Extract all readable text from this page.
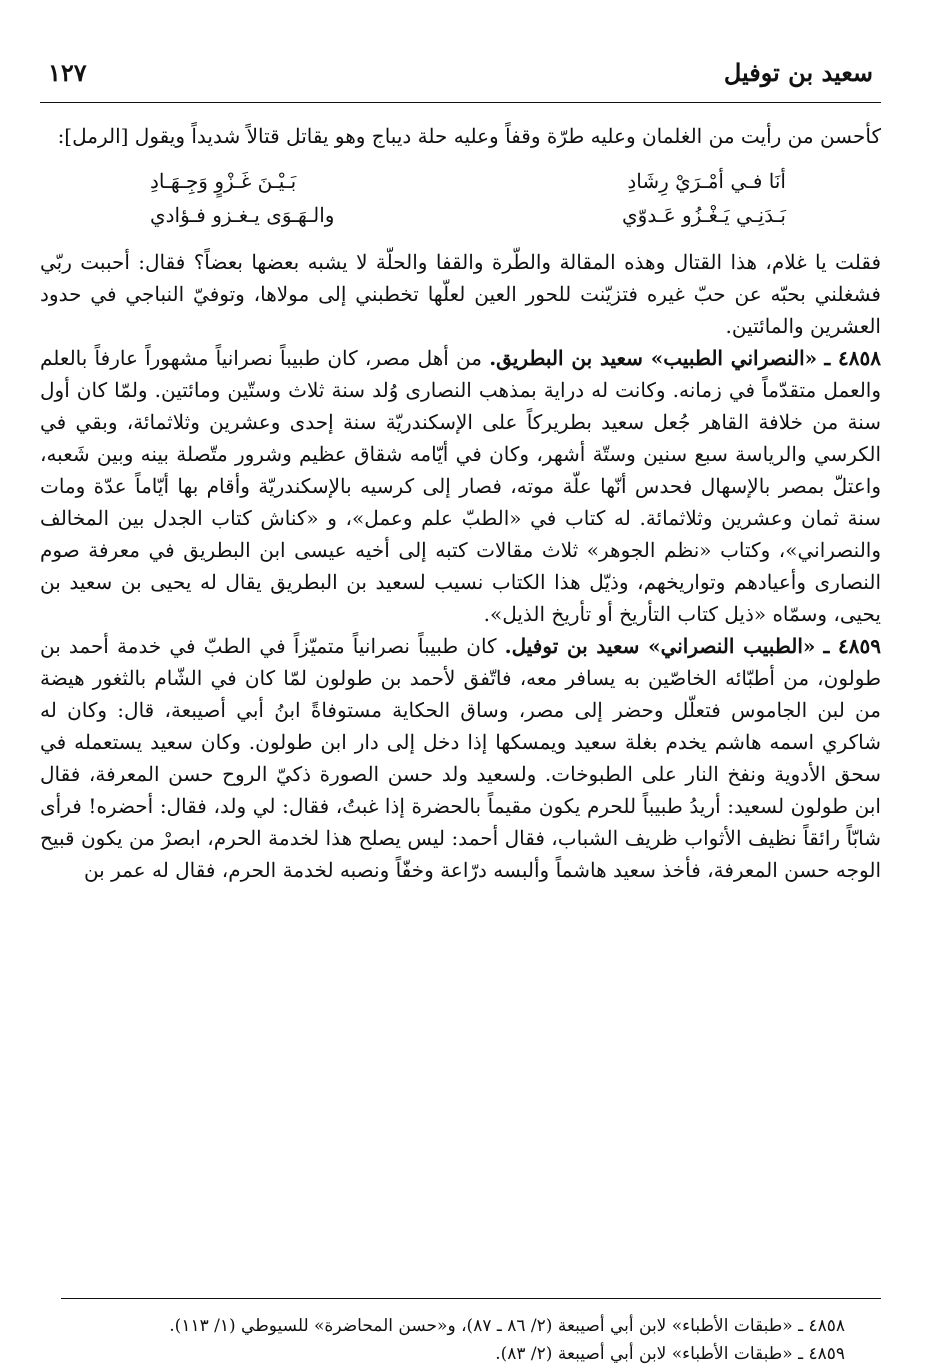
سعيد بن توفيل
١٢٧

كأحسن من رأيت من الغلمان وعليه طرّة وقفاً وعليه حلة ديباج وهو يقاتل قتالاً شديداً ويقول [الرمل]:

أنَا فـي أمْـرَيْ رِشَادِ
بَـيْـنَ غَـزْوٍ وَجِـهَـادِ
بَـدَنِـي يَـغْـزُو عَـدوّي
والـهَـوَى يـغـزو فـؤادي

فقلت يا غلام، هذا القتال وهذه المقالة والطّرة والقفا والحلّة لا يشبه بعضها بعضاً؟ فقال: أحببت ربّي فشغلني بحبّه عن حبّ غيره فتزيّنت للحور العين لعلّها تخطبني إلى مولاها، وتوفيّ النباجي في حدود العشرين والمائتين.

٤٨٥٨ ـ «النصراني الطبيب» سعيد بن البطريق. من أهل مصر، كان طبيباً نصرانياً مشهوراً عارفاً بالعلم والعمل متقدّماً في زمانه. وكانت له دراية بمذهب النصارى وُلد سنة ثلاث وستّين ومائتين. ولمّا كان أول سنة من خلافة القاهر جُعل سعيد بطريركاً على الإسكندريّة سنة إحدى وعشرين وثلاثمائة، وبقي في الكرسي والرياسة سبع سنين وستّة أشهر، وكان في أيّامه شقاق عظيم وشرور متّصلة بينه وبين شَعبه، واعتلّ بمصر بالإسهال فحدس أنّها علّة موته، فصار إلى كرسيه بالإسكندريّة وأقام بها أيّاماً عدّة ومات سنة ثمان وعشرين وثلاثمائة. له كتاب في «الطبّ علم وعمل»، و «كناش كتاب الجدل بين المخالف والنصراني»، وكتاب «نظم الجوهر» ثلاث مقالات كتبه إلى أخيه عيسى ابن البطريق في معرفة صوم النصارى وأعيادهم وتواريخهم، وذيّل هذا الكتاب نسيب لسعيد بن البطريق يقال له يحيى بن سعيد بن يحيى، وسمّاه «ذيل كتاب التأريخ أو تأريخ الذيل».

٤٨٥٩ ـ «الطبيب النصراني» سعيد بن توفيل. كان طبيباً نصرانياً متميّزاً في الطبّ في خدمة أحمد بن طولون، من أطبّائه الخاصّين به يسافر معه، فاتّفق لأحمد بن طولون لمّا كان في الشّام بالثغور هيضة من لبن الجاموس فتعلّل وحضر إلى مصر، وساق الحكاية مستوفاةً ابنُ أبي أصيبعة، قال: وكان له شاكري اسمه هاشم يخدم بغلة سعيد ويمسكها إذا دخل إلى دار ابن طولون. وكان سعيد يستعمله في سحق الأدوية ونفخ النار على الطبوخات. ولسعيد ولد حسن الصورة ذكيّ الروح حسن المعرفة، فقال ابن طولون لسعيد: أريدُ طبيباً للحرم يكون مقيماً بالحضرة إذا غبتُ، فقال: لي ولد، فقال: أحضره! فرأى شابّاً رائقاً نظيف الأثواب ظريف الشباب، فقال أحمد: ليس يصلح هذا لخدمة الحرم، ابصرْ من يكون قبيح الوجه حسن المعرفة، فأخذ سعيد هاشماً وألبسه درّاعة وخفّاً ونصبه لخدمة الحرم، فقال له عمر بن

٤٨٥٨ ـ «طبقات الأطباء» لابن أبي أصيبعة (٢/ ٨٦ ـ ٨٧)، و«حسن المحاضرة» للسيوطي (١/ ١١٣).

٤٨٥٩ ـ «طبقات الأطباء» لابن أبي أصيبعة (٢/ ٨٣).
